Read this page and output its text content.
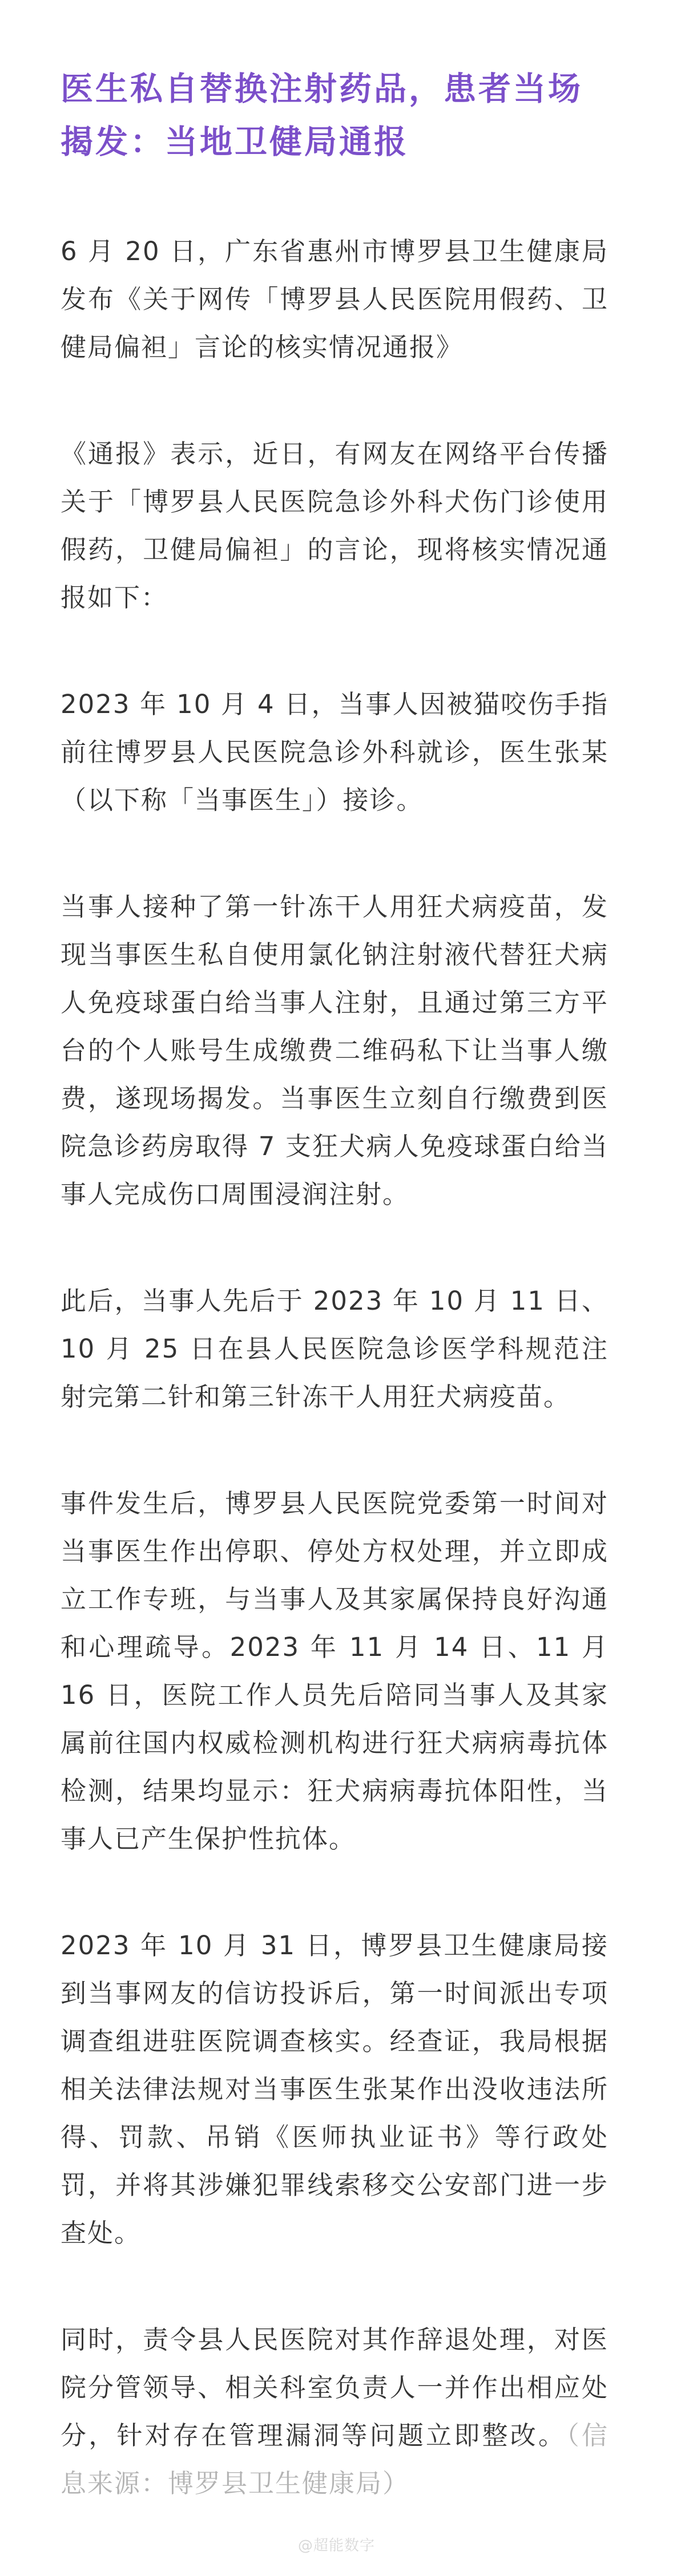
医生私自替换注射药品，患者当场揭发：当地卫健局通报

6 月 20 日，广东省惠州市博罗县卫生健康局发布《关于网传「博罗县人民医院用假药、卫健局偏袒」言论的核实情况通报》

《通报》表示，近日，有网友在网络平台传播关于「博罗县人民医院急诊外科犬伤门诊使用假药，卫健局偏袒」的言论，现将核实情况通报如下：

2023 年 10 月 4 日，当事人因被猫咬伤手指前往博罗县人民医院急诊外科就诊，医生张某（以下称「当事医生」）接诊。

当事人接种了第一针冻干人用狂犬病疫苗，发现当事医生私自使用氯化钠注射液代替狂犬病人免疫球蛋白给当事人注射，且通过第三方平台的个人账号生成缴费二维码私下让当事人缴费，遂现场揭发。当事医生立刻自行缴费到医院急诊药房取得 7 支狂犬病人免疫球蛋白给当事人完成伤口周围浸润注射。

此后，当事人先后于 2023 年 10 月 11 日、10 月 25 日在县人民医院急诊医学科规范注射完第二针和第三针冻干人用狂犬病疫苗。

事件发生后，博罗县人民医院党委第一时间对当事医生作出停职、停处方权处理，并立即成立工作专班，与当事人及其家属保持良好沟通和心理疏导。2023 年 11 月 14 日、11 月 16 日，医院工作人员先后陪同当事人及其家属前往国内权威检测机构进行狂犬病病毒抗体检测，结果均显示：狂犬病病毒抗体阳性，当事人已产生保护性抗体。

2023 年 10 月 31 日，博罗县卫生健康局接到当事网友的信访投诉后，第一时间派出专项调查组进驻医院调查核实。经查证，我局根据相关法律法规对当事医生张某作出没收违法所得、罚款、吊销《医师执业证书》等行政处罚，并将其涉嫌犯罪线索移交公安部门进一步查处。

同时，责令县人民医院对其作辞退处理，对医院分管领导、相关科室负责人一并作出相应处分，针对存在管理漏洞等问题立即整改。（信息来源：博罗县卫生健康局）

@超能数字
